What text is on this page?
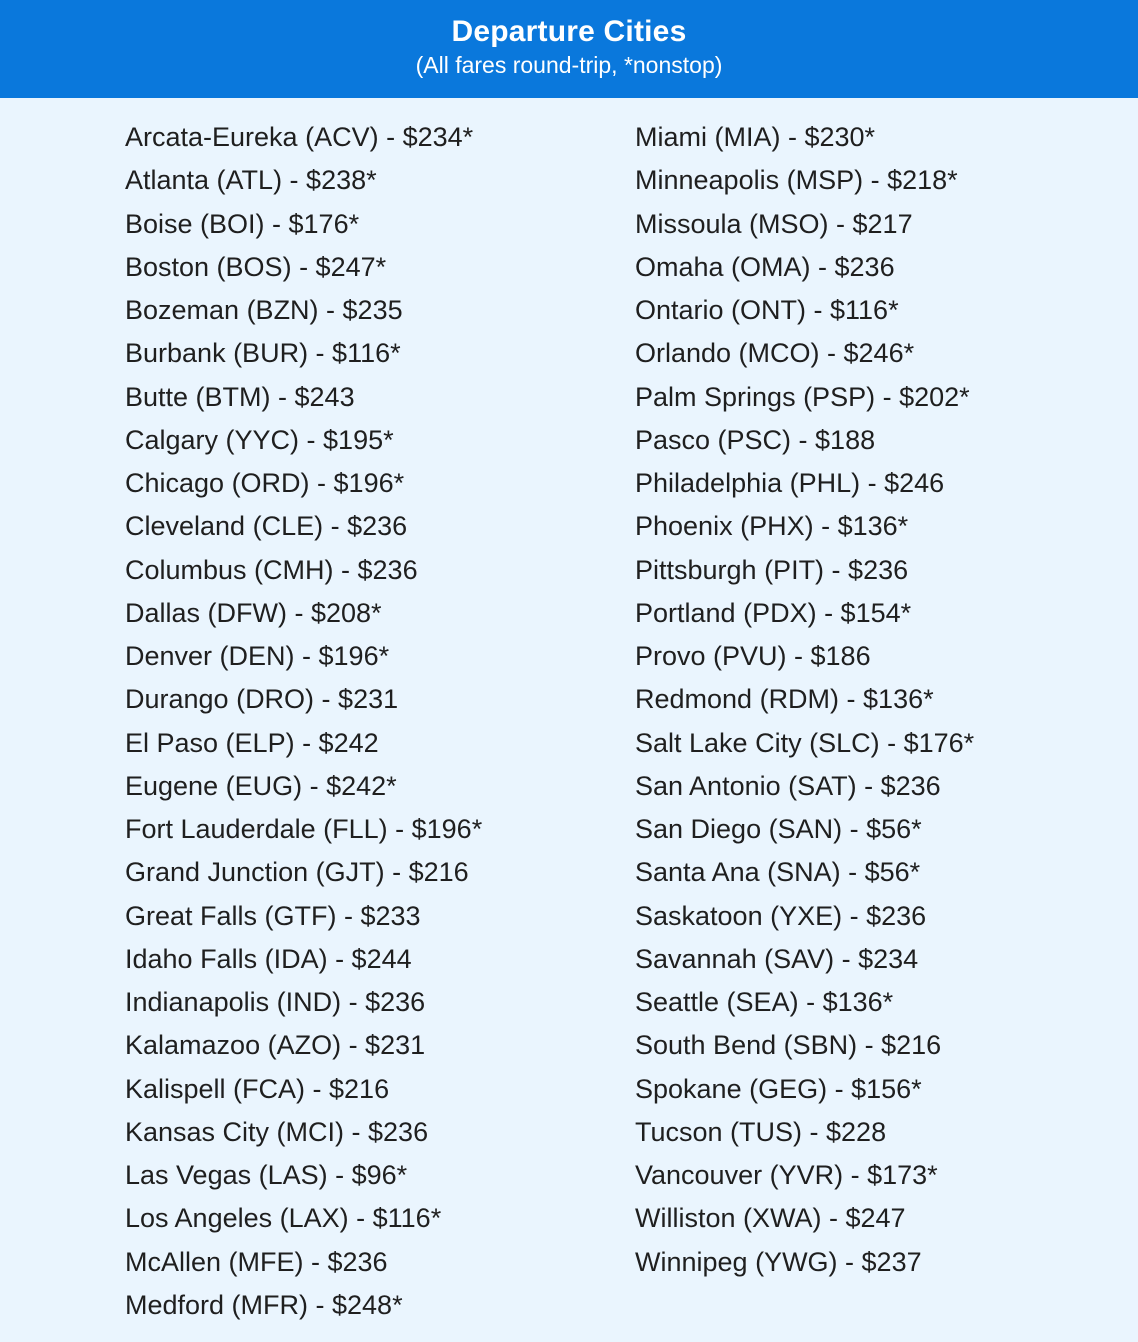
Departure Cities
(All fares round-trip, *nonstop)
Arcata-Eureka (ACV) - $234*
Atlanta (ATL) - $238*
Boise (BOI) - $176*
Boston (BOS) - $247*
Bozeman (BZN) - $235
Burbank (BUR) - $116*
Butte (BTM) - $243
Calgary (YYC) - $195*
Chicago (ORD) - $196*
Cleveland (CLE) - $236
Columbus (CMH) - $236
Dallas (DFW) - $208*
Denver (DEN) - $196*
Durango (DRO) - $231
El Paso (ELP) - $242
Eugene (EUG) - $242*
Fort Lauderdale (FLL) - $196*
Grand Junction (GJT) - $216
Great Falls (GTF) - $233
Idaho Falls (IDA) - $244
Indianapolis (IND) - $236
Kalamazoo (AZO) - $231
Kalispell (FCA) - $216
Kansas City (MCI) - $236
Las Vegas (LAS) - $96*
Los Angeles (LAX) - $116*
McAllen (MFE) - $236
Medford (MFR) - $248*
Miami (MIA) - $230*
Minneapolis (MSP) - $218*
Missoula (MSO) - $217
Omaha (OMA) - $236
Ontario (ONT) - $116*
Orlando (MCO) - $246*
Palm Springs (PSP) - $202*
Pasco (PSC) - $188
Philadelphia (PHL) - $246
Phoenix (PHX) - $136*
Pittsburgh (PIT) - $236
Portland (PDX) - $154*
Provo (PVU) - $186
Redmond (RDM) - $136*
Salt Lake City (SLC) - $176*
San Antonio (SAT) - $236
San Diego (SAN) - $56*
Santa Ana (SNA) - $56*
Saskatoon (YXE) - $236
Savannah (SAV) - $234
Seattle (SEA) - $136*
South Bend (SBN) - $216
Spokane (GEG) - $156*
Tucson (TUS) - $228
Vancouver (YVR) - $173*
Williston (XWA) - $247
Winnipeg (YWG) - $237
